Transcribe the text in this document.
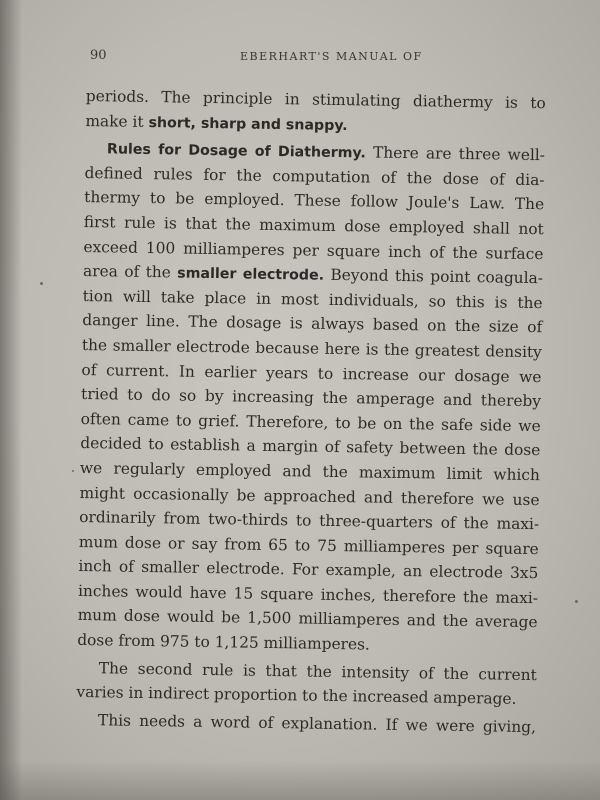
90	EBERHART'S MANUAL OF
periods. The principle in stimulating diathermy is to
make it short, sharp and snappy.
Rules for Dosage of Diathermy. There are three well-
defined rules for the computation of the dose of dia-
thermy to be employed. These follow Joule's Law. The
first rule is that the maximum dose employed shall not
exceed 100 milliamperes per square inch of the surface
area of the smaller electrode. Beyond this point coagula-
tion will take place in most individuals, so this is the
danger line. The dosage is always based on the size of
the smaller electrode because here is the greatest density
of current. In earlier years to increase our dosage we
tried to do so by increasing the amperage and thereby
often came to grief. Therefore, to be on the safe side we
decided to establish a margin of safety between the dose
we regularly employed and the maximum limit which
might occasionally be approached and therefore we use
ordinarily from two-thirds to three-quarters of the maxi-
mum dose or say from 65 to 75 milliamperes per square
inch of smaller electrode. For example, an electrode 3x5
inches would have 15 square inches, therefore the maxi-
mum dose would be 1,500 milliamperes and the average
dose from 975 to 1,125 milliamperes.
The second rule is that the intensity of the current
varies in indirect proportion to the increased amperage.
This needs a word of explanation. If we were giving,
